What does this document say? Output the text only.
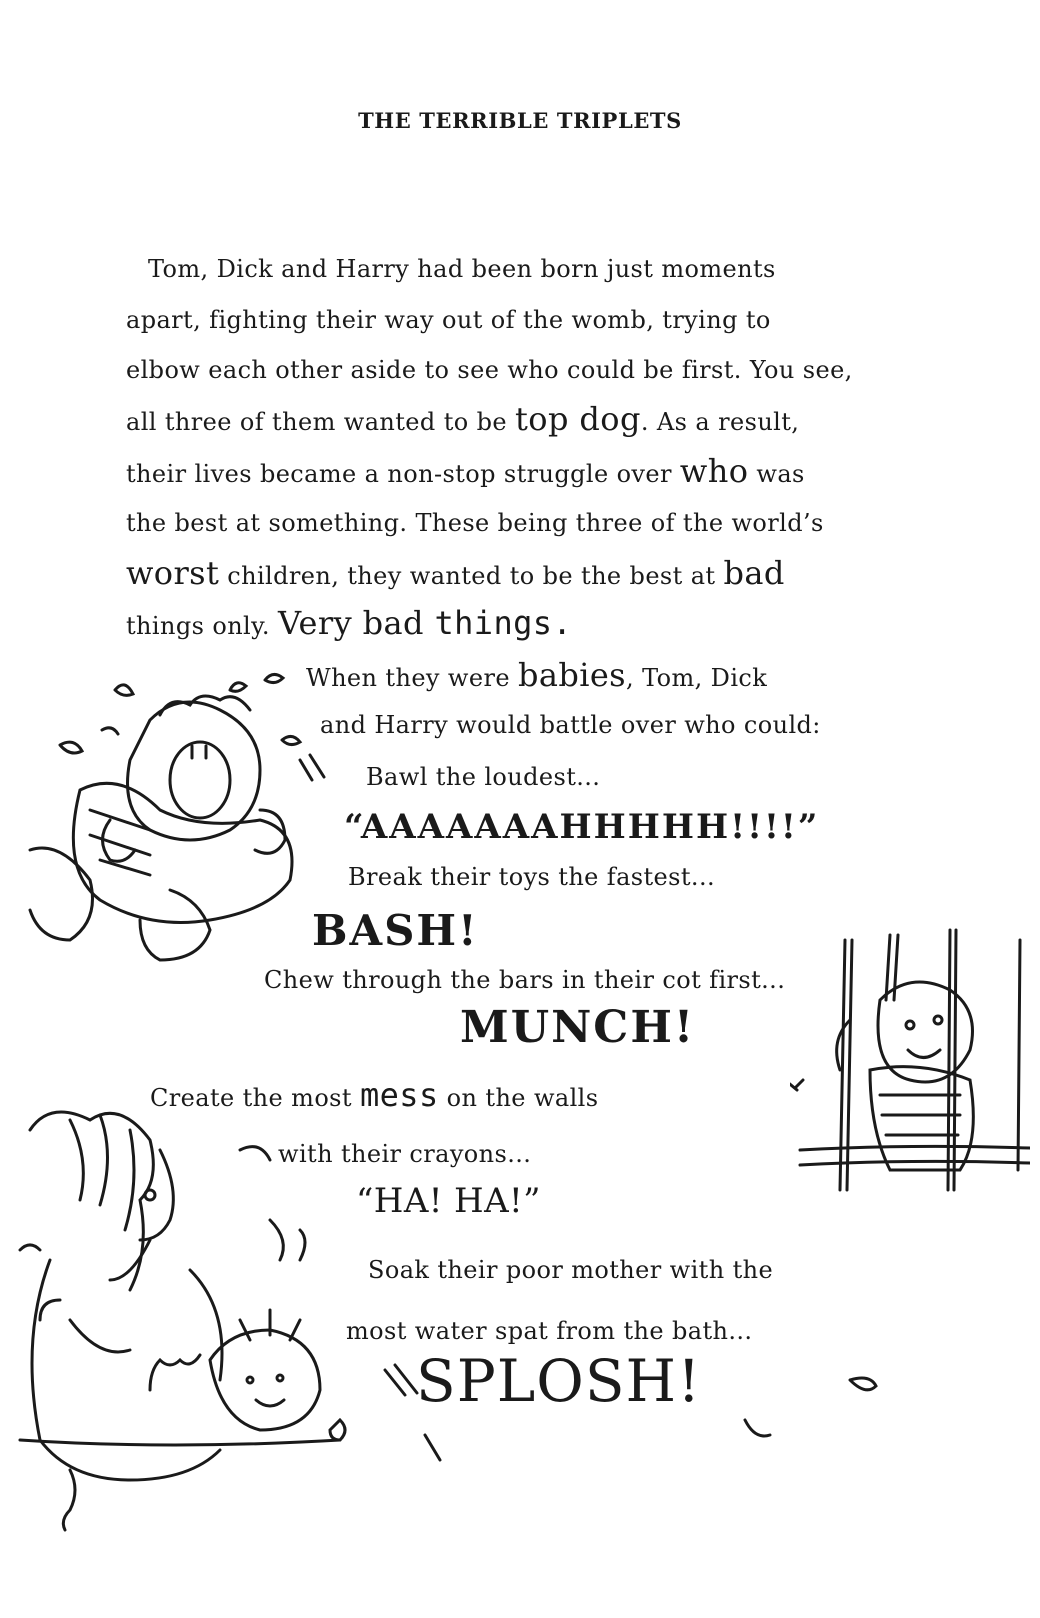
THE TERRIBLE TRIPLETS
Tom, Dick and Harry had been born just moments
apart, fighting their way out of the womb, trying to
elbow each other aside to see who could be first. You see,
all three of them wanted to be top dog. As a result,
their lives became a non-stop struggle over who was
the best at something. These being three of the world’s
worst children, they wanted to be the best at bad
things only. Very bad things.
When they were babies, Tom, Dick
and Harry would battle over who could:
Bawl the loudest...
“AAAAAAAHHHHH!!!!”
Break their toys the fastest...
BASH!
Chew through the bars in their cot first...
MUNCH!
Create the most mess on the walls
with their crayons...
“HA! HA!”
Soak their poor mother with the
most water spat from the bath...
SPLOSH!
